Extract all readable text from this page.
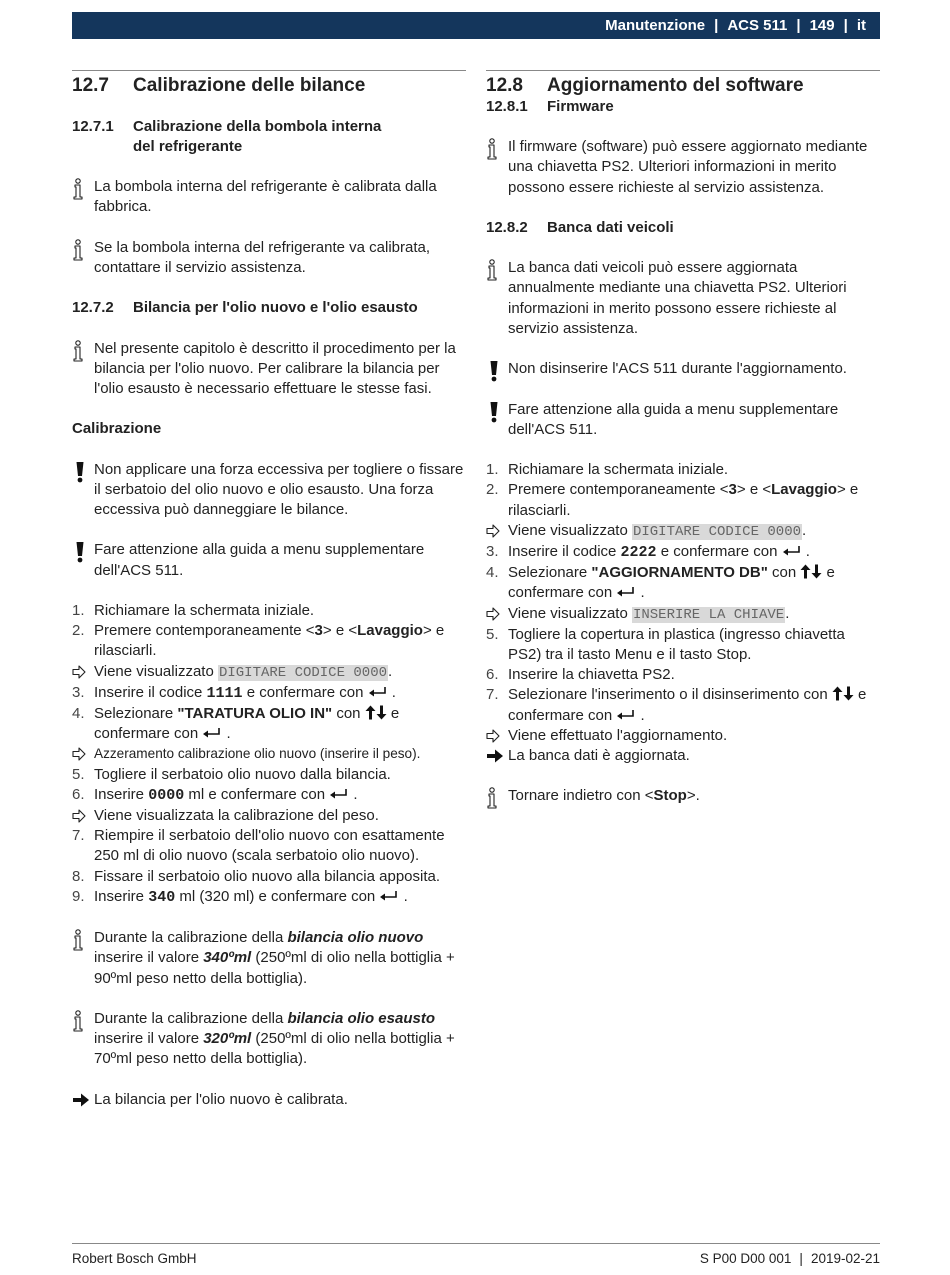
Manutenzione | ACS 511 | 149 | it
12.7	Calibrazione delle bilance
12.7.1	Calibrazione della bombola interna
del refrigerante
La bombola interna del refrigerante è calibrata dalla fabbrica.
Se la bombola interna del refrigerante va calibrata, contattare il servizio assistenza.
12.7.2	Bilancia per l'olio nuovo e l'olio esausto
Nel presente capitolo è descritto il procedimento per la bilancia per l'olio nuovo. Per calibrare la bilancia per l'olio esausto è necessario effettuare le stesse fasi.
Calibrazione
Non applicare una forza eccessiva per togliere o fissare il serbatoio del olio nuovo e olio esausto. Una forza eccessiva può danneggiare le bilance.
Fare attenzione alla guida a menu supplementare dell'ACS 511.
1. Richiamare la schermata iniziale.
2. Premere contemporaneamente <3> e <Lavaggio> e rilasciarli.
Viene visualizzato DIGITARE CODICE 0000.
3. Inserire il codice 1111 e confermare con  .
4. Selezionare "TARATURA OLIO IN" con  e confermare con  .
Azzeramento calibrazione olio nuovo (inserire il peso).
5. Togliere il serbatoio olio nuovo dalla bilancia.
6. Inserire 0000 ml e confermare con  .
Viene visualizzata la calibrazione del peso.
7. Riempire il serbatoio dell'olio nuovo con esattamente 250 ml di olio nuovo (scala serbatoio olio nuovo).
8. Fissare il serbatoio olio nuovo alla bilancia apposita.
9. Inserire 340 ml (320 ml) e confermare con  .
Durante la calibrazione della bilancia olio nuovo inserire il valore 340ºml (250ºml di olio nella bottiglia + 90ºml peso netto della bottiglia).
Durante la calibrazione della bilancia olio esausto inserire il valore 320ºml (250ºml di olio nella bottiglia + 70ºml peso netto della bottiglia).
La bilancia per l'olio nuovo è calibrata.
12.8	Aggiornamento del software
12.8.1	Firmware
Il firmware (software) può essere aggiornato mediante una chiavetta PS2. Ulteriori informazioni in merito possono essere richieste al servizio assistenza.
12.8.2	Banca dati veicoli
La banca dati veicoli può essere aggiornata annualmente mediante una chiavetta PS2. Ulteriori informazioni in merito possono essere richieste al servizio assistenza.
Non disinserire l'ACS 511 durante l'aggiornamento.
Fare attenzione alla guida a menu supplementare dell'ACS 511.
1. Richiamare la schermata iniziale.
2. Premere contemporaneamente <3> e <Lavaggio> e rilasciarli.
Viene visualizzato DIGITARE CODICE 0000.
3. Inserire il codice 2222 e confermare con  .
4. Selezionare "AGGIORNAMENTO DB" con  e confermare con  .
Viene visualizzato INSERIRE LA CHIAVE.
5. Togliere la copertura in plastica (ingresso chiavetta PS2) tra il tasto Menu e il tasto Stop.
6. Inserire la chiavetta PS2.
7. Selezionare l'inserimento o il disinserimento con  e confermare con  .
Viene effettuato l'aggiornamento.
La banca dati è aggiornata.
Tornare indietro con <Stop>.
Robert Bosch GmbH	S P00 D00 001 | 2019-02-21
